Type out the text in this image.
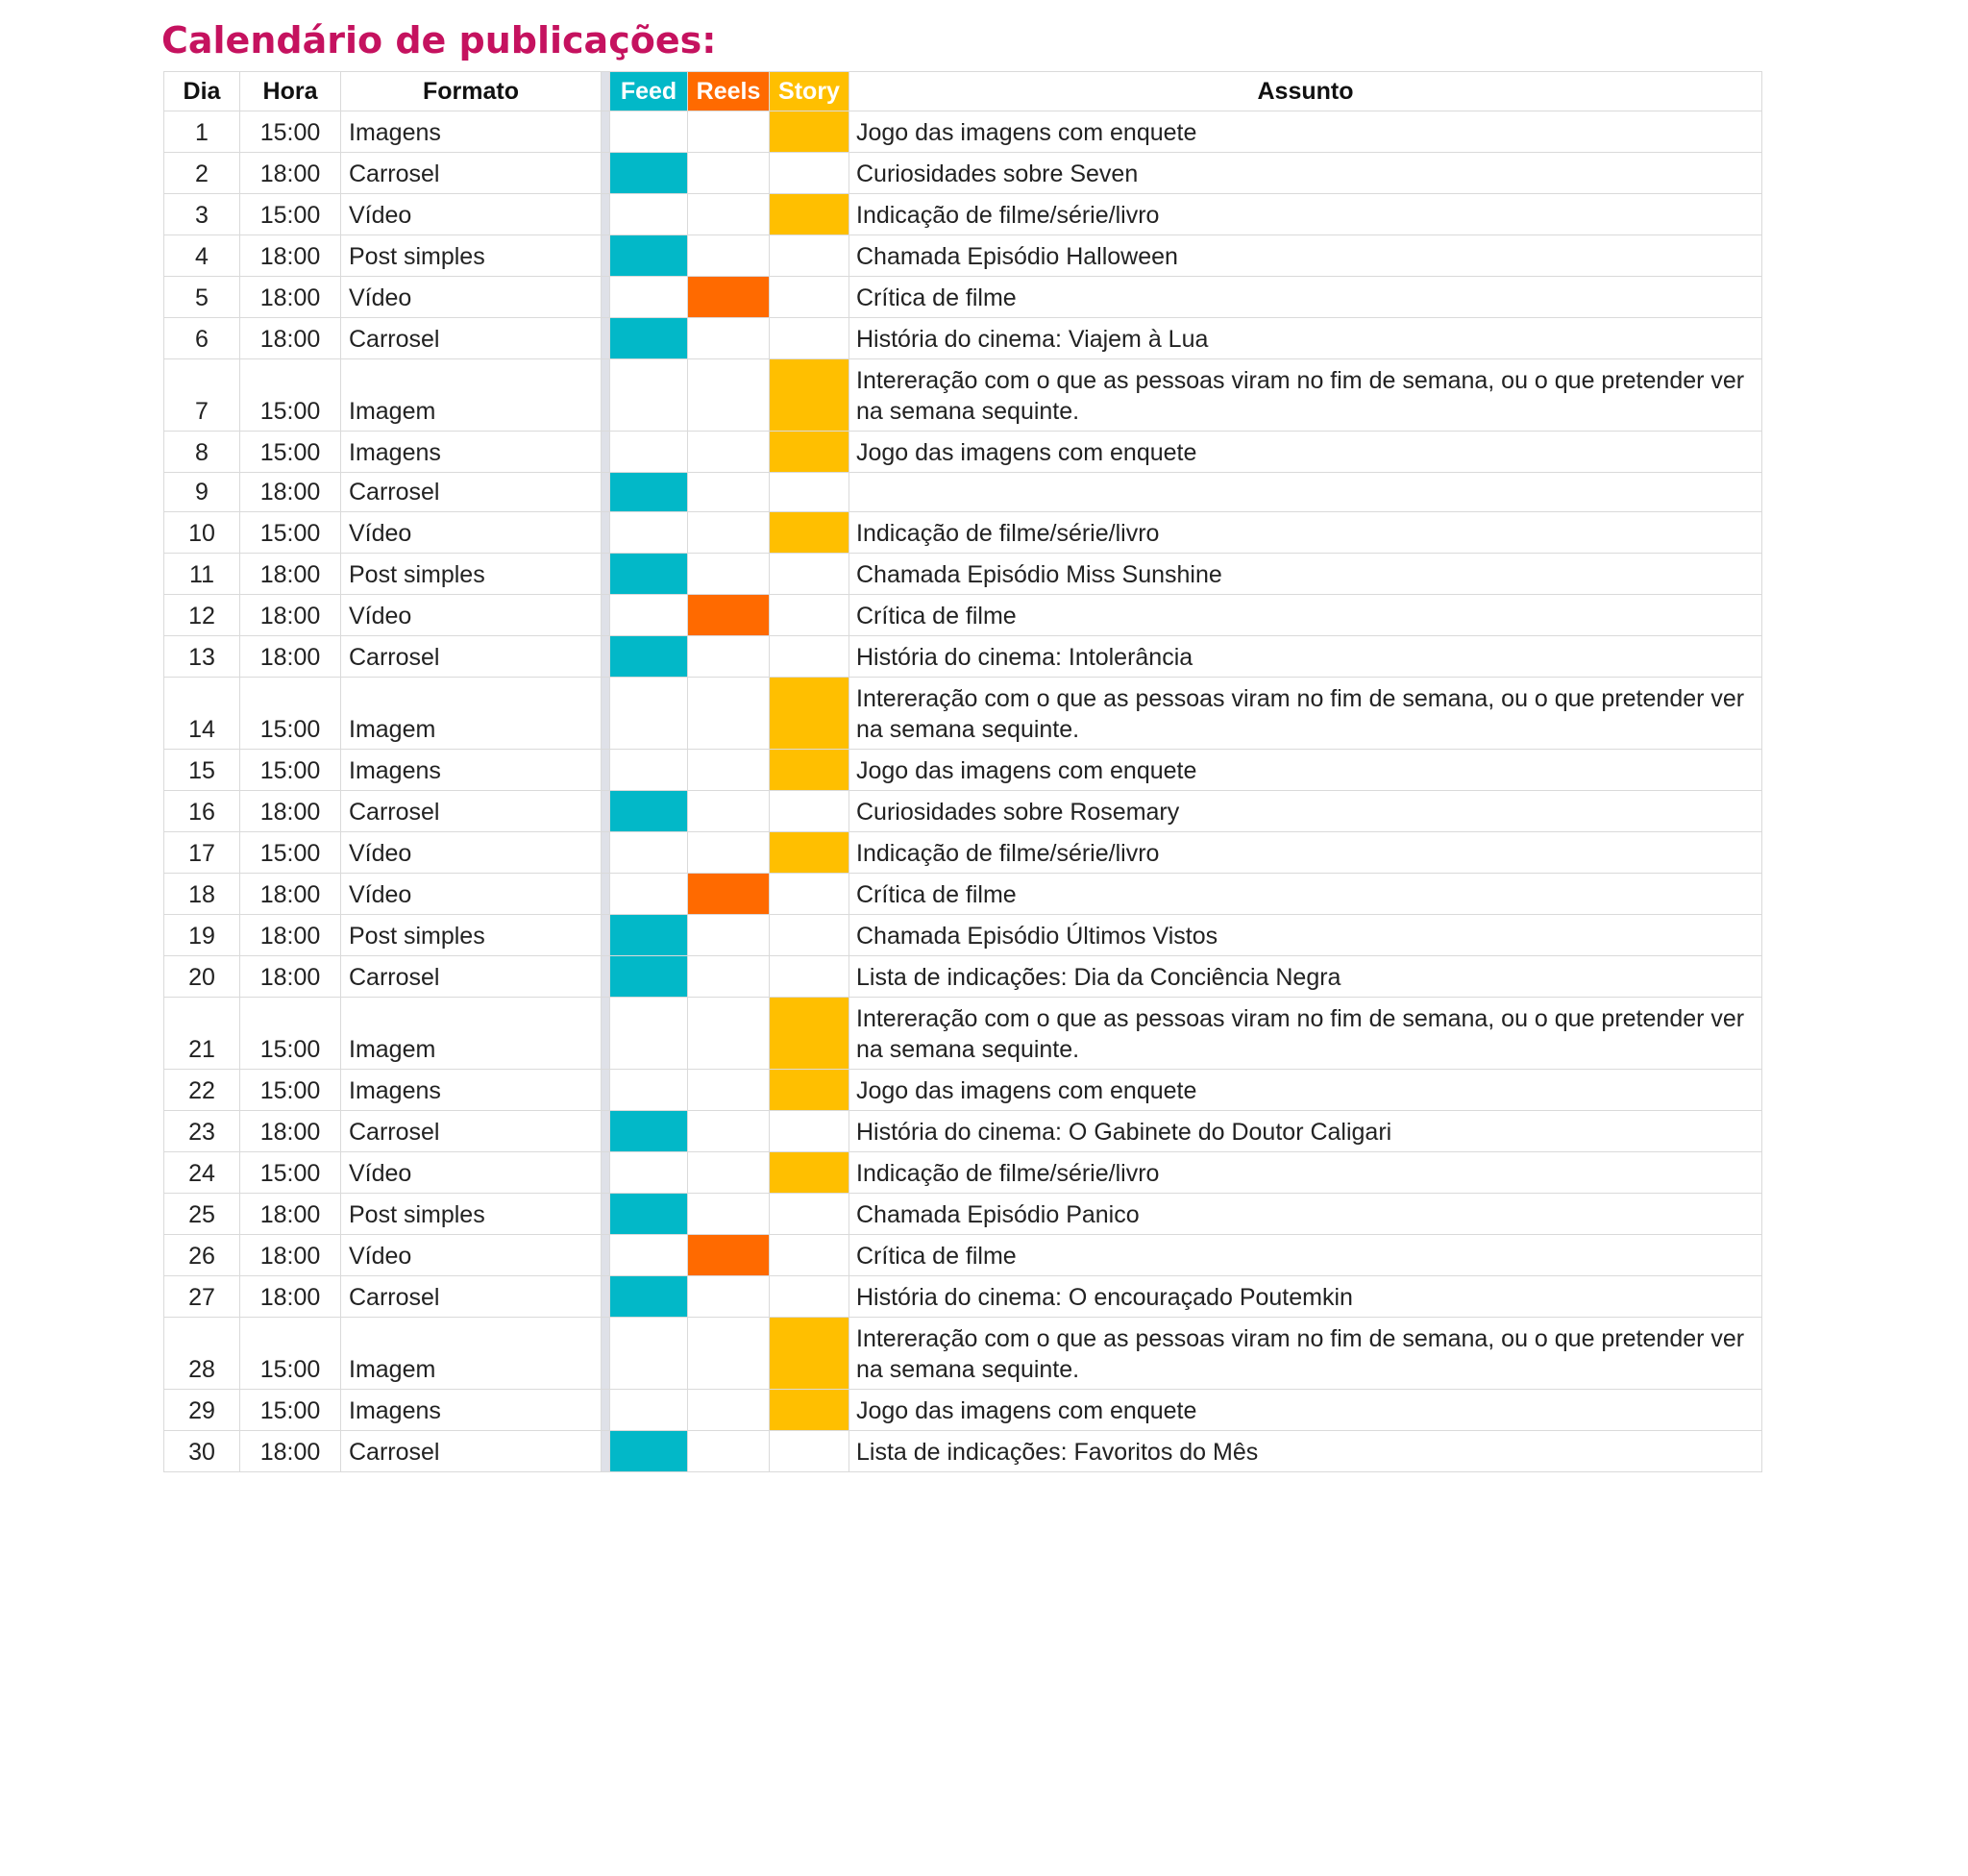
Calendário de publicações:
Dia	Hora	Formato		Feed	Reels	Story	Assunto
1	15:00	Imagens					Jogo das imagens com enquete
2	18:00	Carrosel					Curiosidades sobre Seven
3	15:00	Vídeo					Indicação de filme/série/livro
4	18:00	Post simples					Chamada Episódio Halloween
5	18:00	Vídeo					Crítica de filme
6	18:00	Carrosel					História do cinema: Viajem à Lua
7	15:00	Imagem					Intereração com o que as pessoas viram no fim de semana, ou o que pretender ver na semana sequinte.
8	15:00	Imagens					Jogo das imagens com enquete
9	18:00	Carrosel					
10	15:00	Vídeo					Indicação de filme/série/livro
11	18:00	Post simples					Chamada Episódio Miss Sunshine
12	18:00	Vídeo					Crítica de filme
13	18:00	Carrosel					História do cinema: Intolerância
14	15:00	Imagem					Intereração com o que as pessoas viram no fim de semana, ou o que pretender ver na semana sequinte.
15	15:00	Imagens					Jogo das imagens com enquete
16	18:00	Carrosel					Curiosidades sobre Rosemary
17	15:00	Vídeo					Indicação de filme/série/livro
18	18:00	Vídeo					Crítica de filme
19	18:00	Post simples					Chamada Episódio Últimos Vistos
20	18:00	Carrosel					Lista de indicações: Dia da Conciência Negra
21	15:00	Imagem					Intereração com o que as pessoas viram no fim de semana, ou o que pretender ver na semana sequinte.
22	15:00	Imagens					Jogo das imagens com enquete
23	18:00	Carrosel					História do cinema: O Gabinete do Doutor Caligari
24	15:00	Vídeo					Indicação de filme/série/livro
25	18:00	Post simples					Chamada Episódio Panico
26	18:00	Vídeo					Crítica de filme
27	18:00	Carrosel					História do cinema: O encouraçado Poutemkin
28	15:00	Imagem					Intereração com o que as pessoas viram no fim de semana, ou o que pretender ver na semana sequinte.
29	15:00	Imagens					Jogo das imagens com enquete
30	18:00	Carrosel					Lista de indicações: Favoritos do Mês
